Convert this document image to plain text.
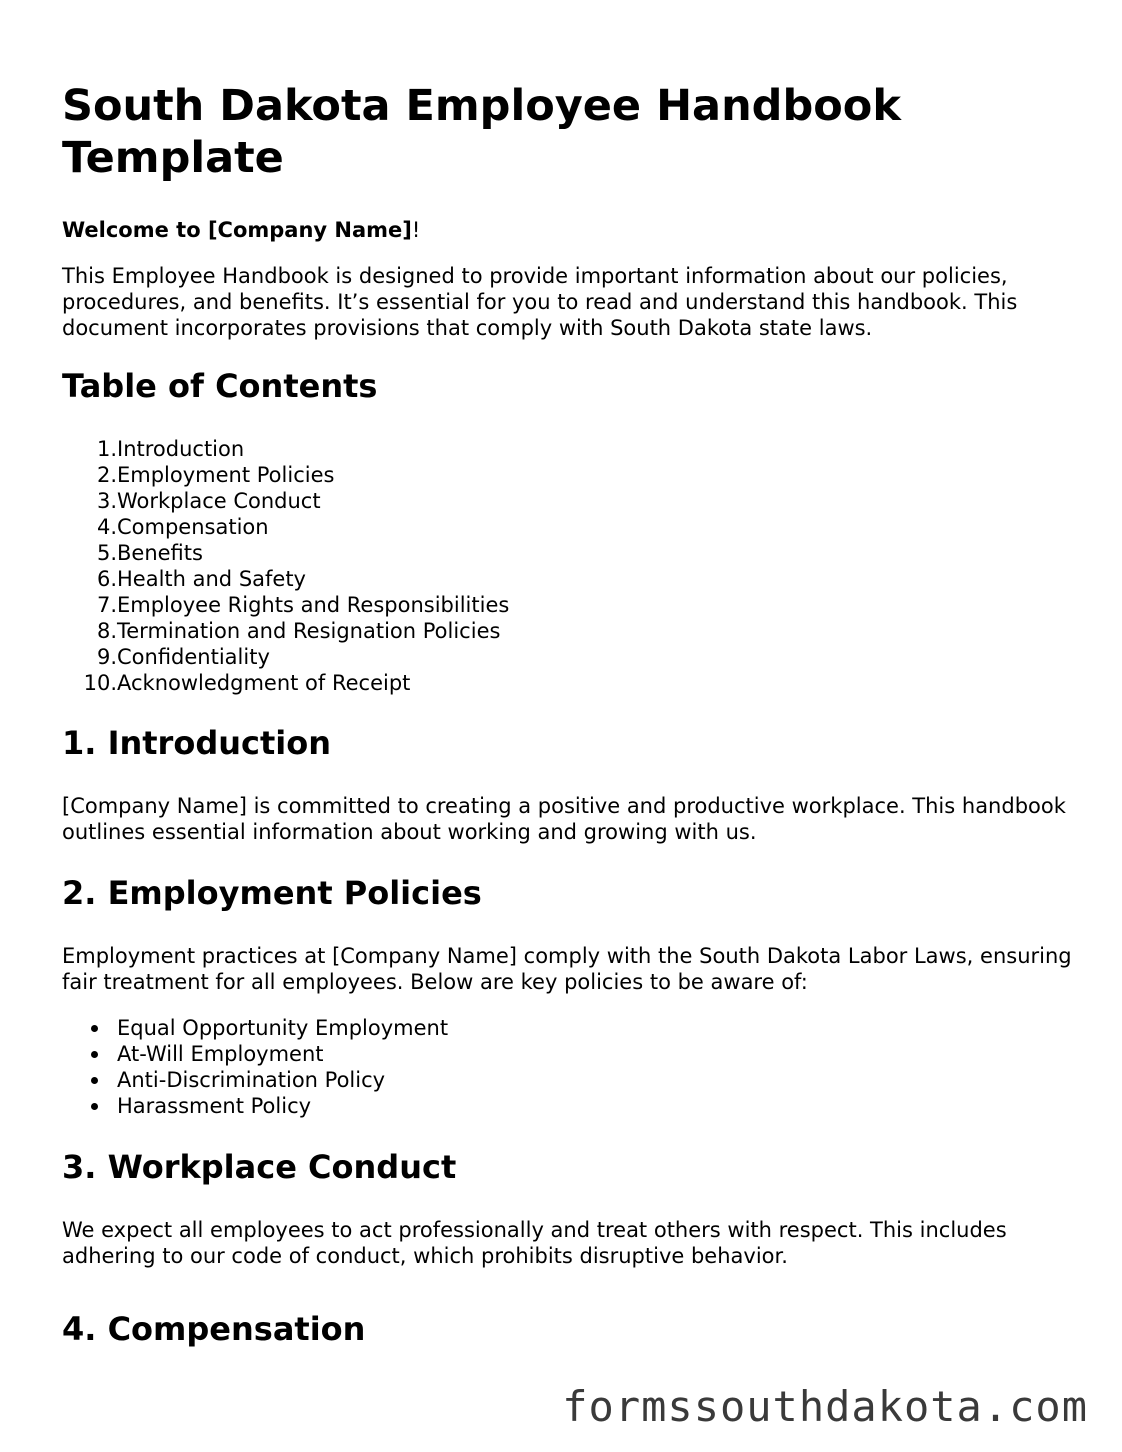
South Dakota Employee Handbook Template
Welcome to [Company Name]!

This Employee Handbook is designed to provide important information about our policies, procedures, and benefits. It’s essential for you to read and understand this handbook. This document incorporates provisions that comply with South Dakota state laws.

Table of Contents
1. Introduction
2. Employment Policies
3. Workplace Conduct
4. Compensation
5. Benefits
6. Health and Safety
7. Employee Rights and Responsibilities
8. Termination and Resignation Policies
9. Confidentiality
10. Acknowledgment of Receipt
1. Introduction

[Company Name] is committed to creating a positive and productive workplace. This handbook outlines essential information about working and growing with us.

2. Employment Policies

Employment practices at [Company Name] comply with the South Dakota Labor Laws, ensuring fair treatment for all employees. Below are key policies to be aware of:

Equal Opportunity Employment
At-Will Employment
Anti-Discrimination Policy
Harassment Policy
3. Workplace Conduct

We expect all employees to act professionally and treat others with respect. This includes adhering to our code of conduct, which prohibits disruptive behavior.

4. Compensation
formssouthdakota.com
